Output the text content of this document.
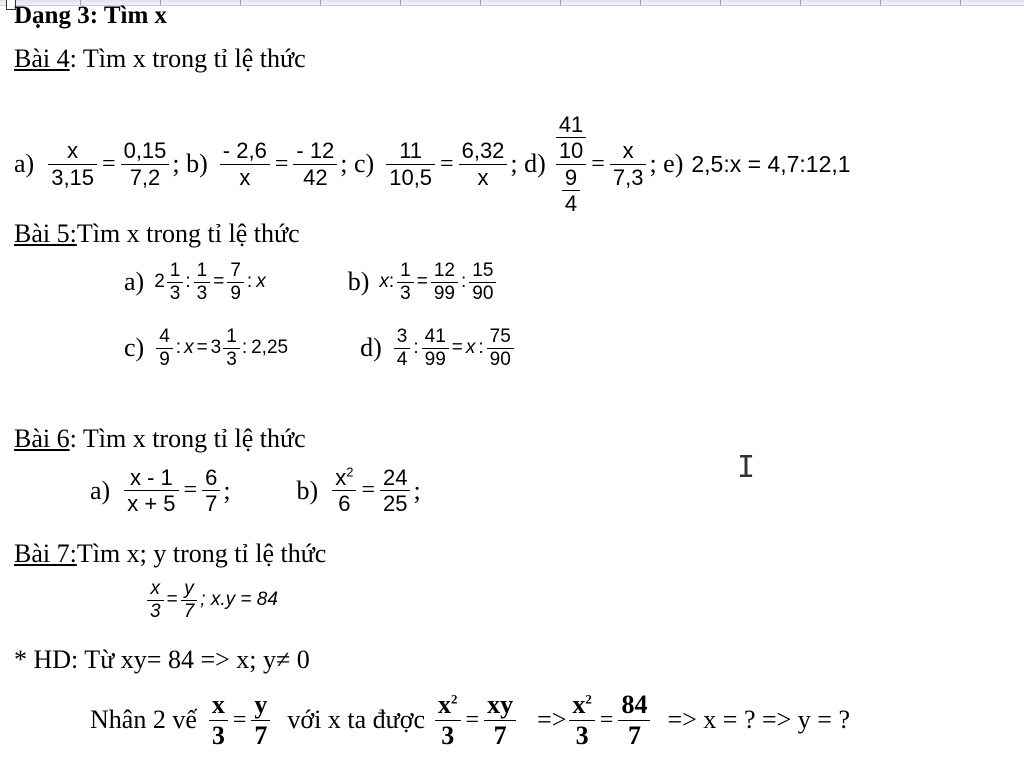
Dạng 3: Tìm x
Bài 4 : Tìm x trong tỉ lệ thức
a) x
3,15
= 0,15
7,2 ; b) - 2,6
x
= - 12
42 ; c) 11
10,5
= 6,32
x ; d)
41
10
9
4
= x
7,3 ; e) 2,5:x = 4,7:12,1
Bài 5: Tìm x trong tỉ lệ thức
a) 2
1
3
:
1
3
=
7
9
: x	b) x :
1
3
=
12
99
:
15
90
c) 4
9
: x = 3
1
3
: 2,25	d) 3
4
:
41
99
= x :
75
90
Bài 6 : Tìm x trong tỉ lệ thức
a) x - 1
x + 5
= 6
7 ;	b) $x^2$
6
= 24
25 ;
Bài 7: Tìm x; y trong tỉ lệ thức
x
3
=
y
7
; x.y = 84
* HD: Từ xy= 84 => x; y≠ 0
Nhân 2 vế
x
3
=
y
7
với x ta được
$x^2$
3
=
xy
7
=>
$x^2$
3
=
84
7
=> x = ? => y = ?
I
